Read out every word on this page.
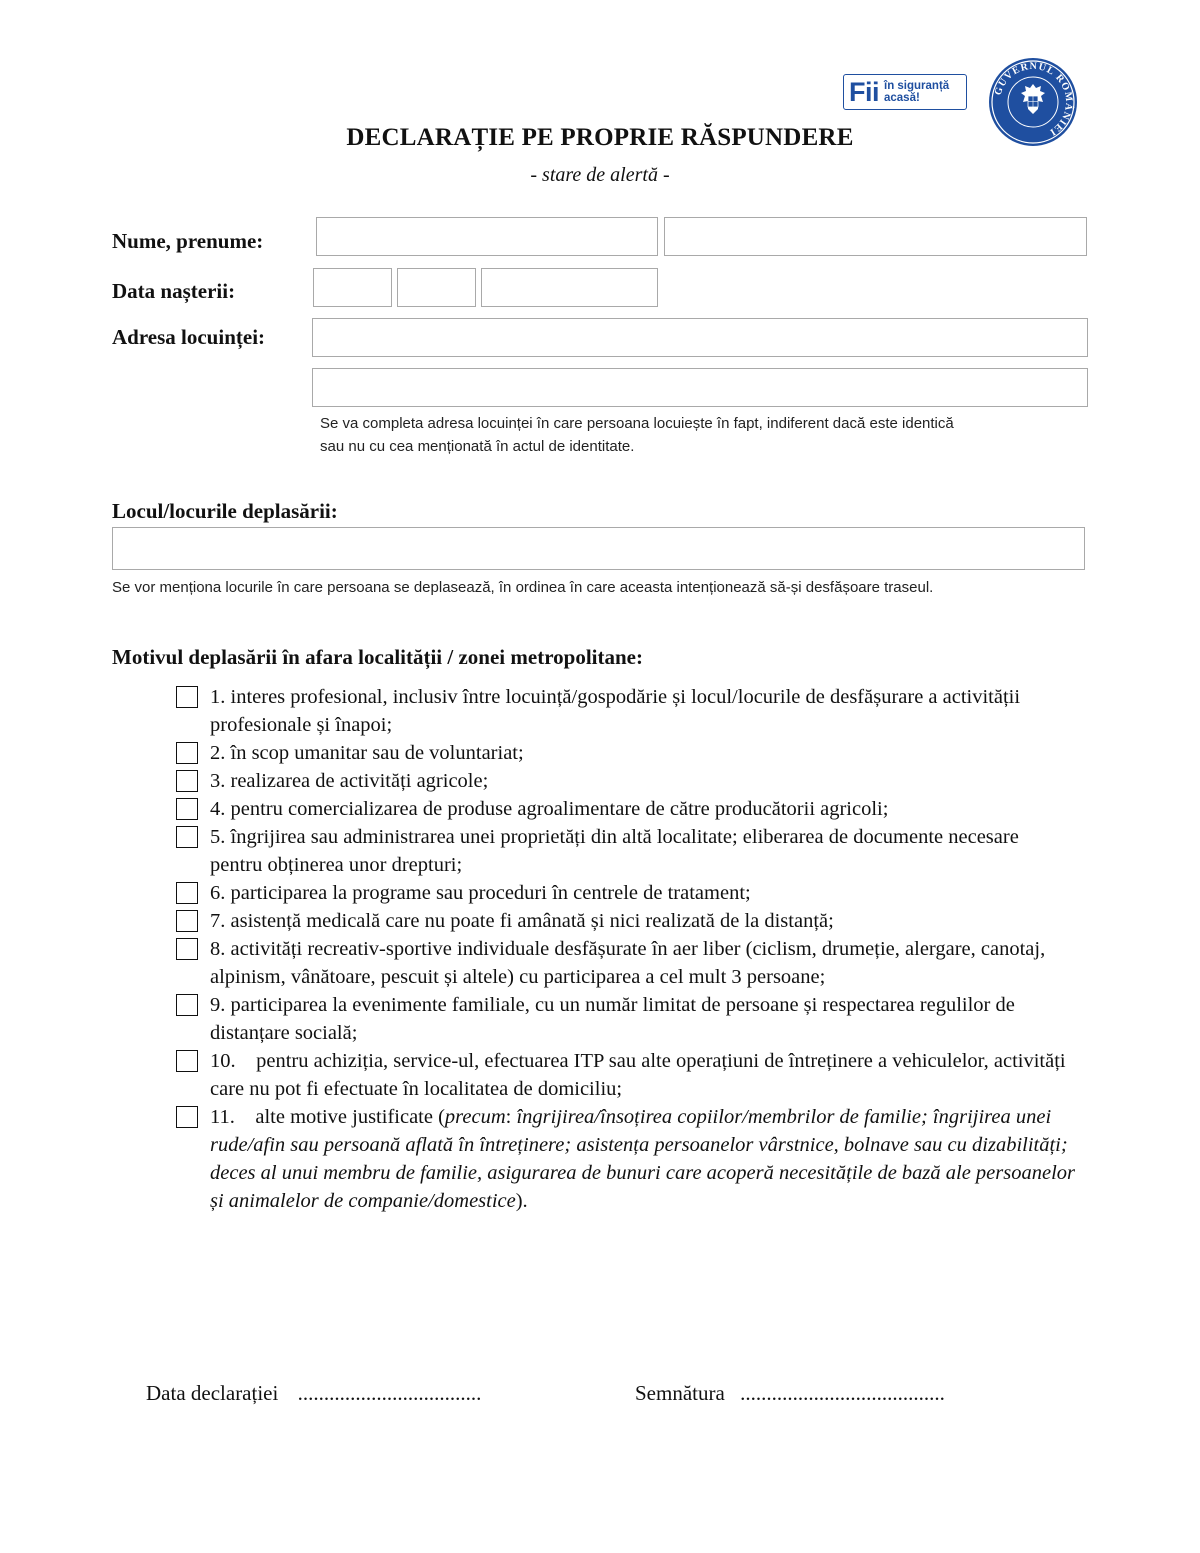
Fii în siguranță
acasă!
GUVERNUL ROMÂNIEI
DECLARAȚIE PE PROPRIE RĂSPUNDERE
- stare de alertă -
Nume, prenume:
Data nașterii:
Adresa locuinței:
Se va completa adresa locuinței în care persoana locuiește în fapt, indiferent dacă este identică
sau nu cu cea menționată în actul de identitate.
Locul/locurile deplasării:
Se vor menționa locurile în care persoana se deplasează, în ordinea în care aceasta intenționează să-și desfășoare traseul.
Motivul deplasării în afara localității / zonei metropolitane:
1. interes profesional, inclusiv între locuință/gospodărie și locul/locurile de desfășurare a activității profesionale și înapoi;
2. în scop umanitar sau de voluntariat;
3. realizarea de activități agricole;
4. pentru comercializarea de produse agroalimentare de către producătorii agricoli;
5. îngrijirea sau administrarea unei proprietăți din altă localitate; eliberarea de documente necesare pentru obținerea unor drepturi;
6. participarea la programe sau proceduri în centrele de tratament;
7. asistență medicală care nu poate fi amânată și nici realizată de la distanță;
8. activități recreativ-sportive individuale desfășurate în aer liber (ciclism, drumeție, alergare, canotaj, alpinism, vânătoare, pescuit și altele) cu participarea a cel mult 3 persoane;
9. participarea la evenimente familiale, cu un număr limitat de persoane și respectarea regulilor de distanțare socială;
10.    pentru achiziția, service-ul, efectuarea ITP sau alte operațiuni de întreținere a vehiculelor, activități care nu pot fi efectuate în localitatea de domiciliu;
11.    alte motive justificate (precum: îngrijirea/însoțirea copiilor/membrilor de familie; îngrijirea unei rude/afin sau persoană aflată în întreținere; asistența persoanelor vârstnice, bolnave sau cu dizabilități; deces al unui membru de familie, asigurarea de bunuri care acoperă necesitățile de bază ale persoanelor și animalelor de companie/domestice).
Data declarației ...................................	Semnătura .......................................
